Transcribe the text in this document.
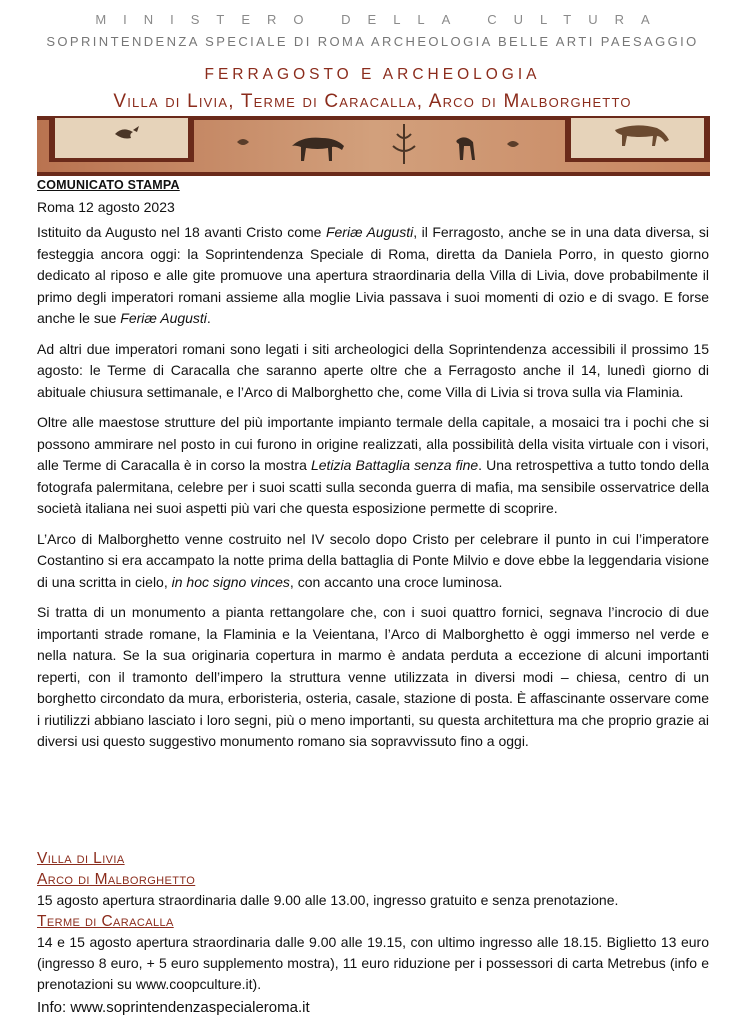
MINISTERO DELLA CULTURA
SOPRINTENDENZA SPECIALE DI ROMA ARCHEOLOGIA BELLE ARTI PAESAGGIO
FERRAGOSTO E ARCHEOLOGIA
Villa di Livia, Terme di Caracalla, Arco di Malborghetto
COMUNICATO STAMPA
Roma 12 agosto 2023

Istituito da Augusto nel 18 avanti Cristo come Feriæ Augusti, il Ferragosto, anche se in una data diversa, si festeggia ancora oggi: la Soprintendenza Speciale di Roma, diretta da Daniela Porro, in questo giorno dedicato al riposo e alle gite promuove una apertura straordinaria della Villa di Livia, dove probabilmente il primo degli imperatori romani assieme alla moglie Livia passava i suoi momenti di ozio e di svago. E forse anche le sue Feriæ Augusti.

Ad altri due imperatori romani sono legati i siti archeologici della Soprintendenza accessibili il prossimo 15 agosto: le Terme di Caracalla che saranno aperte oltre che a Ferragosto anche il 14, lunedì giorno di abituale chiusura settimanale, e l’Arco di Malborghetto che, come Villa di Livia si trova sulla via Flaminia.

Oltre alle maestose strutture del più importante impianto termale della capitale, a mosaici tra i pochi che si possono ammirare nel posto in cui furono in origine realizzati, alla possibilità della visita virtuale con i visori, alle Terme di Caracalla è in corso la mostra Letizia Battaglia senza fine. Una retrospettiva a tutto tondo della fotografa palermitana, celebre per i suoi scatti sulla seconda guerra di mafia, ma sensibile osservatrice della società italiana nei suoi aspetti più vari che questa esposizione permette di scoprire.

L’Arco di Malborghetto venne costruito nel IV secolo dopo Cristo per celebrare il punto in cui l’imperatore Costantino si era accampato la notte prima della battaglia di Ponte Milvio e dove ebbe la leggendaria visione di una scritta in cielo, in hoc signo vinces, con accanto una croce luminosa.

Si tratta di un monumento a pianta rettangolare che, con i suoi quattro fornici, segnava l’incrocio di due importanti strade romane, la Flaminia e la Veientana, l’Arco di Malborghetto è oggi immerso nel verde e nella natura. Se la sua originaria copertura in marmo è andata perduta a eccezione di alcuni importanti reperti, con il tramonto dell’impero la struttura venne utilizzata in diversi modi – chiesa, centro di un borghetto circondato da mura, erboristeria, osteria, casale, stazione di posta. È affascinante osservare come i riutilizzi abbiano lasciato i loro segni, più o meno importanti, su questa architettura ma che proprio grazie ai diversi usi questo suggestivo monumento romano sia sopravvissuto fino a oggi.

Villa di Livia

Arco di Malborghetto

15 agosto apertura straordinaria dalle 9.00 alle 13.00, ingresso gratuito e senza prenotazione.

Terme di Caracalla

14 e 15 agosto apertura straordinaria dalle 9.00 alle 19.15, con ultimo ingresso alle 18.15. Biglietto 13 euro (ingresso 8 euro, + 5 euro supplemento mostra), 11 euro riduzione per i possessori di carta Metrebus (info e prenotazioni su www.coopculture.it).

Info: www.soprintendenzaspecialeroma.it
